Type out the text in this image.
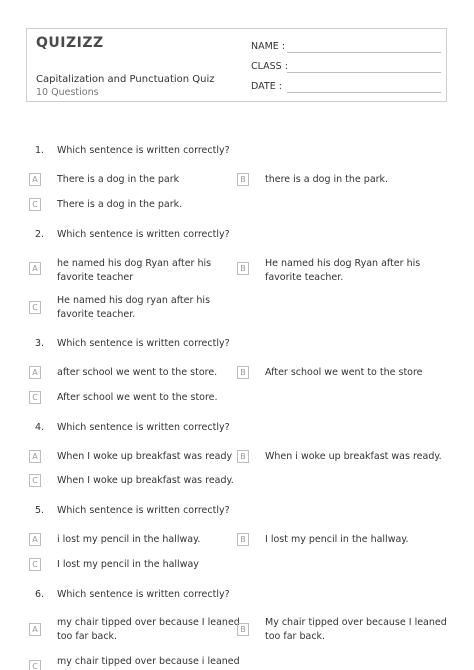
QUIZIZZ
Capitalization and Punctuation Quiz
10 Questions
NAME :
CLASS :
DATE :
1. Which sentence is written correctly?
A	There is a dog in the park	B	there is a dog in the park.
C	There is a dog in the park.
2. Which sentence is written correctly?
A	he named his dog Ryan after his favorite teacher
B	He named his dog Ryan after his favorite teacher.
C
He named his dog ryan after his favorite teacher.
3. Which sentence is written correctly?
A	after school we went to the store.	B	After school we went to the store
C	After school we went to the store.
4. Which sentence is written correctly?
A	When I woke up breakfast was ready	B	When i woke up breakfast was ready.
C	When I woke up breakfast was ready.
5. Which sentence is written correctly?
A	i lost my pencil in the hallway.	B	I lost my pencil in the hallway.
C	I lost my pencil in the hallway
6. Which sentence is written correctly?
A
my chair tipped over because I leaned too far back.
B
My chair tipped over because I leaned too far back.
C	my chair tipped over because i leaned
